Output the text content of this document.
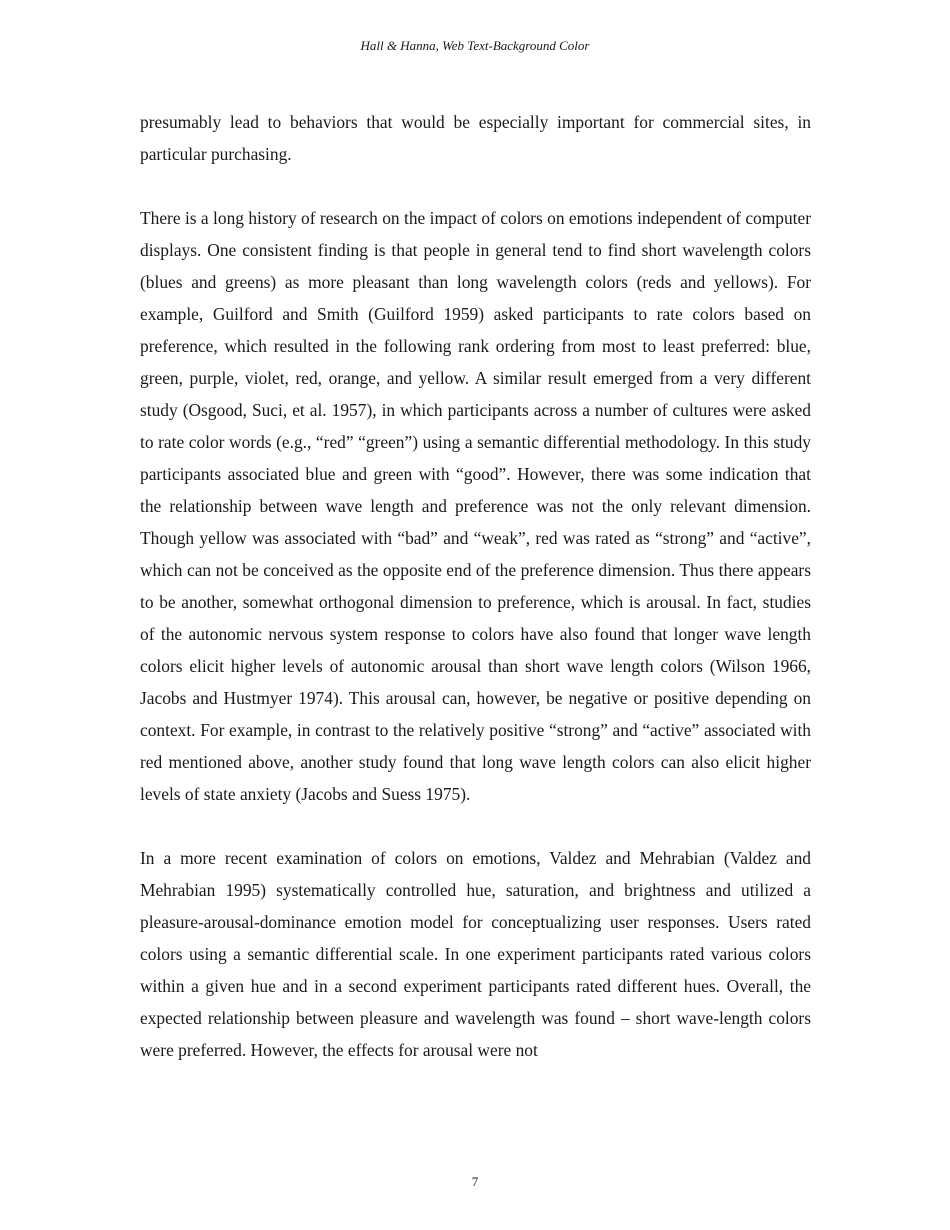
Hall & Hanna, Web Text-Background Color

presumably lead to behaviors that would be especially important for commercial sites, in particular purchasing.

There is a long history of research on the impact of colors on emotions independent of computer displays. One consistent finding is that people in general tend to find short wavelength colors (blues and greens) as more pleasant than long wavelength colors (reds and yellows). For example, Guilford and Smith (Guilford 1959) asked participants to rate colors based on preference, which resulted in the following rank ordering from most to least preferred: blue, green, purple, violet, red, orange, and yellow. A similar result emerged from a very different study (Osgood, Suci, et al. 1957), in which participants across a number of cultures were asked to rate color words (e.g., “red” “green”) using a semantic differential methodology. In this study participants associated blue and green with “good”. However, there was some indication that the relationship between wave length and preference was not the only relevant dimension. Though yellow was associated with “bad” and “weak”, red was rated as “strong” and “active”, which can not be conceived as the opposite end of the preference dimension. Thus there appears to be another, somewhat orthogonal dimension to preference, which is arousal. In fact, studies of the autonomic nervous system response to colors have also found that longer wave length colors elicit higher levels of autonomic arousal than short wave length colors (Wilson 1966, Jacobs and Hustmyer 1974). This arousal can, however, be negative or positive depending on context. For example, in contrast to the relatively positive “strong” and “active” associated with red mentioned above, another study found that long wave length colors can also elicit higher levels of state anxiety (Jacobs and Suess 1975).

In a more recent examination of colors on emotions, Valdez and Mehrabian (Valdez and Mehrabian 1995) systematically controlled hue, saturation, and brightness and utilized a pleasure-arousal-dominance emotion model for conceptualizing user responses. Users rated colors using a semantic differential scale. In one experiment participants rated various colors within a given hue and in a second experiment participants rated different hues. Overall, the expected relationship between pleasure and wavelength was found – short wave-length colors were preferred. However, the effects for arousal were not

7
